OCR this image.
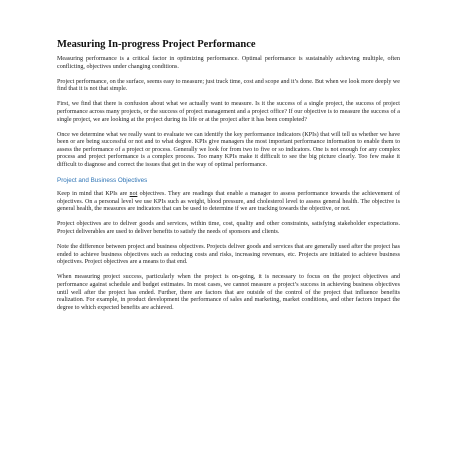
Measuring In-progress Project Performance

Measuring performance is a critical factor in optimizing performance. Optimal performance is sustainably achieving multiple, often conflicting, objectives under changing conditions.

Project performance, on the surface, seems easy to measure; just track time, cost and scope and it’s done. But when we look more deeply we find that it is not that simple.

First, we find that there is confusion about what we actually want to measure. Is it the success of a single project, the success of project performance across many projects, or the success of project management and a project office? If our objective is to measure the success of a single project, we are looking at the project during its life or at the project after it has been completed?

Once we determine what we really want to evaluate we can identify the key performance indicators (KPIs) that will tell us whether we have been or are being successful or not and to what degree. KPIs give managers the most important performance information to enable them to assess the performance of a project or process. Generally we look for from two to five or so indicators. One is not enough for any complex process and project performance is a complex process. Too many KPIs make it difficult to see the big picture clearly. Too few make it difficult to diagnose and correct the issues that get in the way of optimal performance.

Project and Business Objectives

Keep in mind that KPIs are not objectives. They are readings that enable a manager to assess performance towards the achievement of objectives. On a personal level we use KPIs such as weight, blood pressure, and cholesterol level to assess general health. The objective is general health, the measures are indicators that can be used to determine if we are tracking towards the objective, or not.

Project objectives are to deliver goods and services, within time, cost, quality and other constraints, satisfying stakeholder expectations. Project deliverables are used to deliver benefits to satisfy the needs of sponsors and clients.

Note the difference between project and business objectives. Projects deliver goods and services that are generally used after the project has ended to achieve business objectives such as reducing costs and risks, increasing revenues, etc. Projects are initiated to achieve business objectives. Project objectives are a means to that end.

When measuring project success, particularly when the project is on-going, it is necessary to focus on the project objectives and performance against schedule and budget estimates. In most cases, we cannot measure a project’s success in achieving business objectives until well after the project has ended. Further, there are factors that are outside of the control of the project that influence benefits realization. For example, in product development the performance of sales and marketing, market conditions, and other factors impact the degree to which expected benefits are achieved.
